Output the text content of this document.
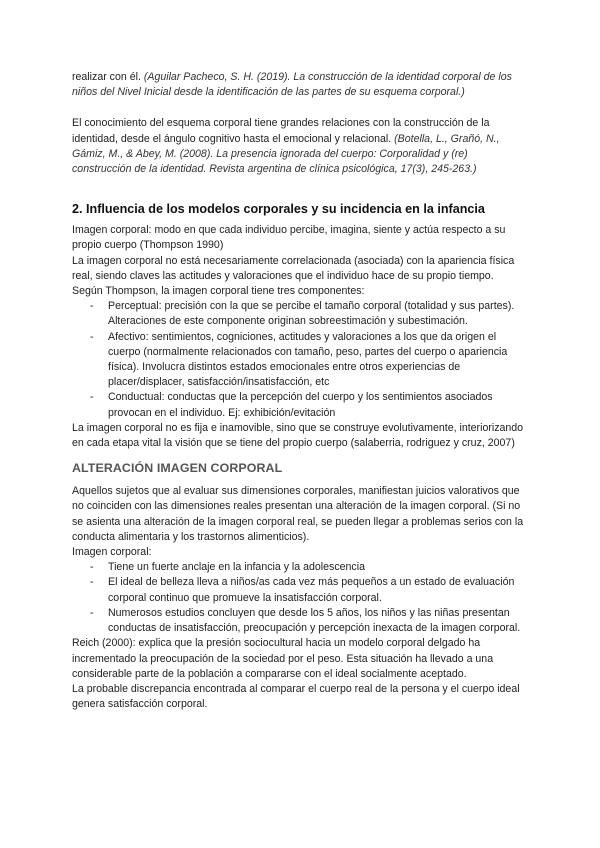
realizar con él. (Aguilar Pacheco, S. H. (2019). La construcción de la identidad corporal de los niños del Nivel Inicial desde la identificación de las partes de su esquema corporal.)

El conocimiento del esquema corporal tiene grandes relaciones con la construcción de la identidad, desde el ángulo cognitivo hasta el emocional y relacional. (Botella, L., Grañó, N., Gámiz, M., & Abey, M. (2008). La presencia ignorada del cuerpo: Corporalidad y (re) construcción de la identidad. Revista argentina de clínica psicológica, 17(3), 245-263.)

2. Influencia de los modelos corporales y su incidencia en la infancia

Imagen corporal: modo en que cada individuo percibe, imagina, siente y actúa respecto a su propio cuerpo (Thompson 1990)

La imagen corporal no está necesariamente correlacionada (asociada) con la apariencia física real, siendo claves las actitudes y valoraciones que el individuo hace de su propio tiempo.

Según Thompson, la imagen corporal tiene tres componentes:

- Perceptual: precisión con la que se percibe el tamaño corporal (totalidad y sus partes). Alteraciones de este componente originan sobreestimación y subestimación.
- Afectivo: sentimientos, cogniciones, actitudes y valoraciones a los que da origen el cuerpo (normalmente relacionados con tamaño, peso, partes del cuerpo o apariencia física). Involucra distintos estados emocionales entre otros experiencias de placer/displacer, satisfacción/insatisfacción, etc
- Conductual: conductas que la percepción del cuerpo y los sentimientos asociados provocan en el individuo. Ej: exhibición/evitación

La imagen corporal no es fija e inamovible, sino que se construye evolutivamente, interiorizando en cada etapa vital la visión que se tiene del propio cuerpo (salaberria, rodriguez y cruz, 2007)

ALTERACIÓN IMAGEN CORPORAL

Aquellos sujetos que al evaluar sus dimensiones corporales, manifiestan juicios valorativos que no coinciden con las dimensiones reales presentan una alteración de la imagen corporal. (Si no se asienta una alteración de la imagen corporal real, se pueden llegar a problemas serios con la conducta alimentaria y los trastornos alimenticios).

Imagen corporal:

- Tiene un fuerte anclaje en la infancia y la adolescencia
- El ideal de belleza lleva a niños/as cada vez más pequeños a un estado de evaluación corporal continuo que promueve la insatisfacción corporal.
- Numerosos estudios concluyen que desde los 5 años, los niños y las niñas presentan conductas de insatisfacción, preocupación y percepción inexacta de la imagen corporal.

Reich (2000): explica que la presión sociocultural hacia un modelo corporal delgado ha incrementado la preocupación de la sociedad por el peso. Esta situación ha llevado a una considerable parte de la población a compararse con el ideal socialmente aceptado.

La probable discrepancia encontrada al comparar el cuerpo real de la persona y el cuerpo ideal genera satisfacción corporal.
